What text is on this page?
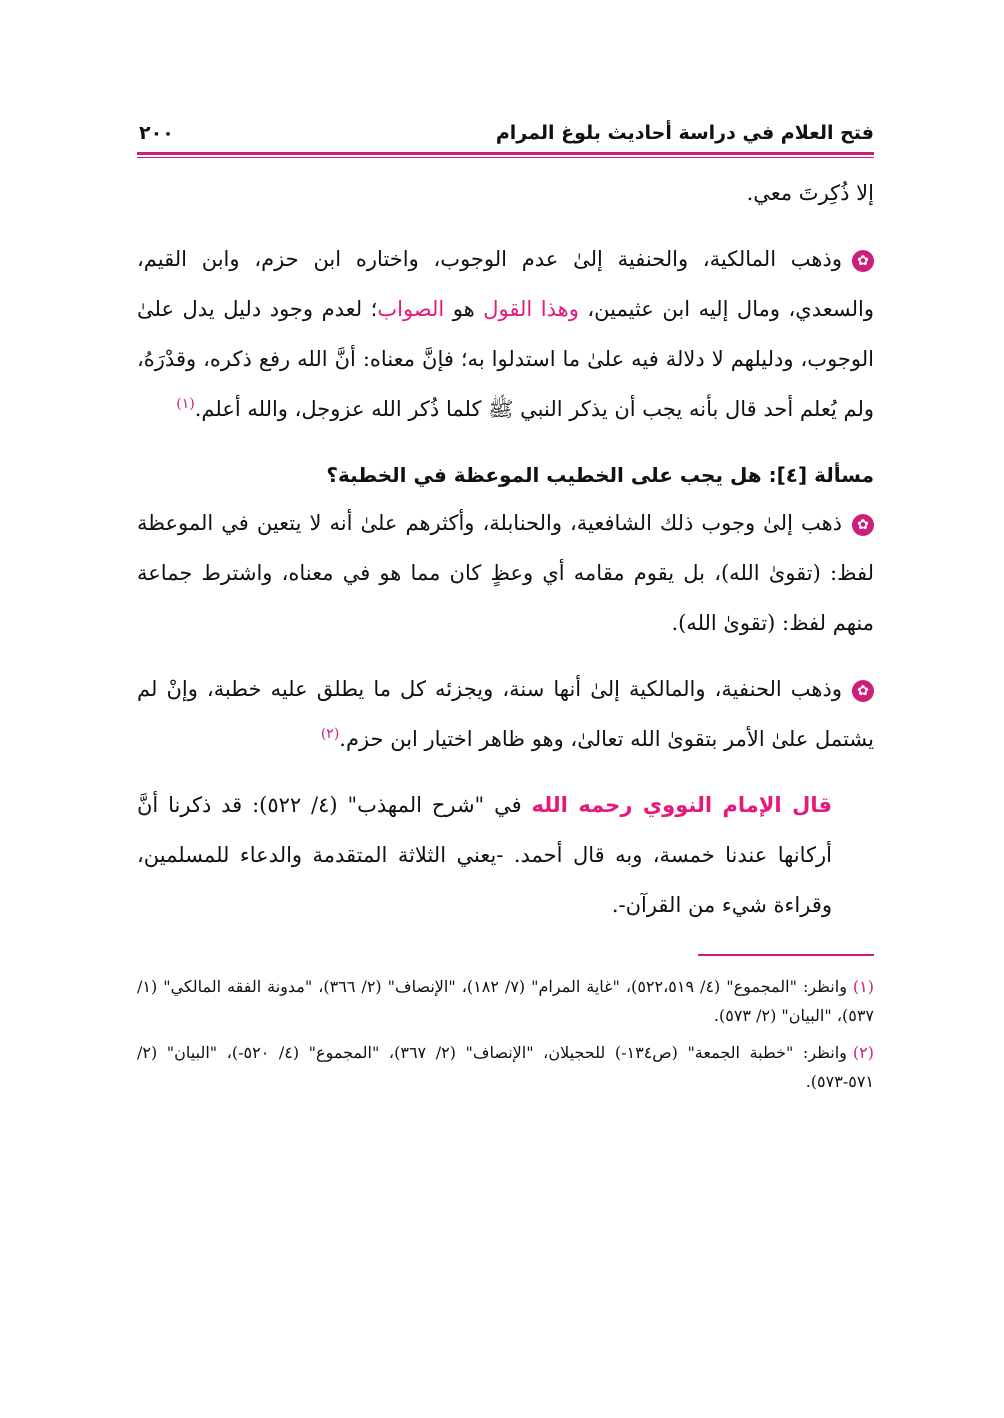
فتح العلام في دراسة أحاديث بلوغ المرام
٢٠٠

إلا ذُكِرتَ معي.

✿وذهب المالكية، والحنفية إلىٰ عدم الوجوب، واختاره ابن حزم، وابن القيم، والسعدي، ومال إليه ابن عثيمين، وهذا القول هو الصواب؛ لعدم وجود دليل يدل علىٰ الوجوب، ودليلهم لا دلالة فيه علىٰ ما استدلوا به؛ فإنَّ معناه: أنَّ الله رفع ذكره، وقدْرَهُ، ولم يُعلم أحد قال بأنه يجب أن يذكر النبي ﷺ كلما ذُكر الله عزوجل، والله أعلم.$^{(١)}$

مسألة [٤]: هل يجب على الخطيب الموعظة في الخطبة؟

✿ذهب إلىٰ وجوب ذلك الشافعية، والحنابلة، وأكثرهم علىٰ أنه لا يتعين في الموعظة لفظ: (تقوىٰ الله)، بل يقوم مقامه أي وعظٍ كان مما هو في معناه، واشترط جماعة منهم لفظ: (تقوىٰ الله).

✿وذهب الحنفية، والمالكية إلىٰ أنها سنة، ويجزئه كل ما يطلق عليه خطبة، وإنْ لم يشتمل علىٰ الأمر بتقوىٰ الله تعالىٰ، وهو ظاهر اختيار ابن حزم.$^{(٢)}$

قال الإمام النووي رحمه الله في "شرح المهذب" (٤/ ٥٢٢): قد ذكرنا أنَّ أركانها عندنا خمسة، وبه قال أحمد. -يعني الثلاثة المتقدمة والدعاء للمسلمين، وقراءة شيء من القرآن-.

(١)وانظر: "المجموع" (٤/ ٥٢٢،٥١٩)، "غاية المرام" (٧/ ١٨٢)، "الإنصاف" (٢/ ٣٦٦)، "مدونة الفقه المالكي" (١/ ٥٣٧)، "البيان" (٢/ ٥٧٣).
(٢)وانظر: "خطبة الجمعة" (ص١٣٤-) للحجيلان، "الإنصاف" (٢/ ٣٦٧)، "المجموع" (٤/ ٥٢٠-)، "البيان" (٢/ ٥٧١-٥٧٣).
